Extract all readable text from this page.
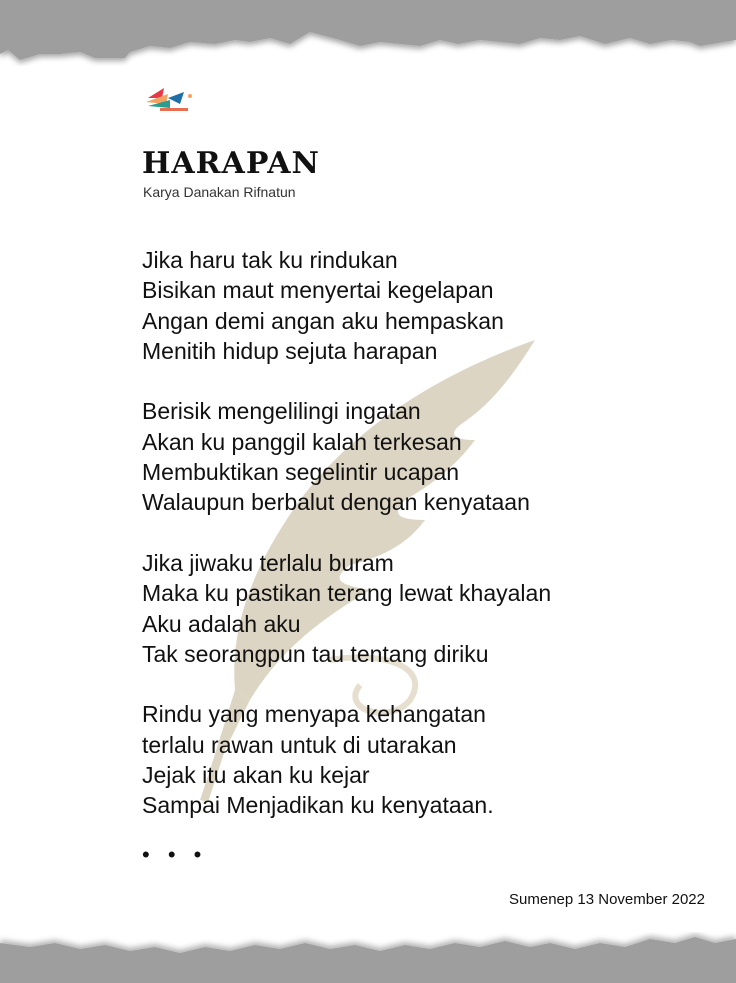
HARAPAN
Karya Danakan Rifnatun
Jika haru tak ku rindukan
Bisikan maut menyertai kegelapan
Angan demi angan aku hempaskan
Menitih hidup sejuta harapan
Berisik mengelilingi ingatan
Akan ku panggil kalah terkesan
Membuktikan segelintir ucapan
Walaupun berbalut dengan kenyataan
Jika jiwaku terlalu buram
Maka ku pastikan terang lewat khayalan
Aku adalah aku
Tak seorangpun tau tentang diriku
Rindu yang menyapa kehangatan
terlalu rawan untuk di utarakan
Jejak itu akan ku kejar
Sampai Menjadikan ku kenyataan.
• • •
Sumenep 13 November 2022
